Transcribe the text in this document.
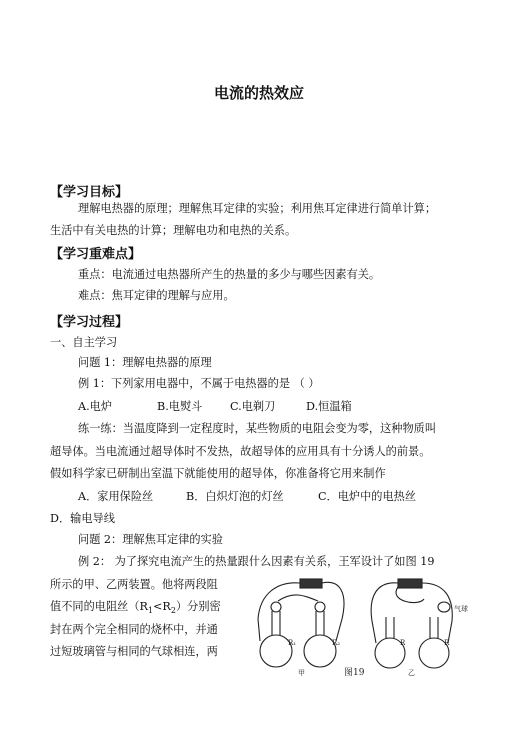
电流的热效应
【学习目标】
理解电热器的原理；理解焦耳定律的实验；利用焦耳定律进行简单计算；
生活中有关电热的计算；理解电功和电热的关系。
【学习重难点】
重点：电流通过电热器所产生的热量的多少与哪些因素有关。
难点：焦耳定律的理解与应用。
【学习过程】
一、自主学习
问题 1：理解电热器的原理
例 1：下列家用电器中，不属于电热器的是 （ ）
A.电炉	B.电熨斗 C.电剃刀	D.恒温箱
练一练：当温度降到一定程度时，某些物质的电阻会变为零，这种物质叫
超导体。当电流通过超导体时不发热，故超导体的应用具有十分诱人的前景。
假如科学家已研制出室温下就能使用的超导体，你准备将它用来制作
A．家用保险丝	B．白炽灯泡的灯丝	C．电炉中的电热丝
D．输电导线
问题 2：理解焦耳定律的实验
例 2： 为了探究电流产生的热量跟什么因素有关系，王军设计了如图 19
所示的甲、乙两装置。他将两段阻
值不同的电阻丝$(R_1<R_2)$分别密
封在两个完全相同的烧杯中，并通
过短玻璃管与相同的气球相连，两
R₁	R₂	R	R
气球
甲	乙
图19
